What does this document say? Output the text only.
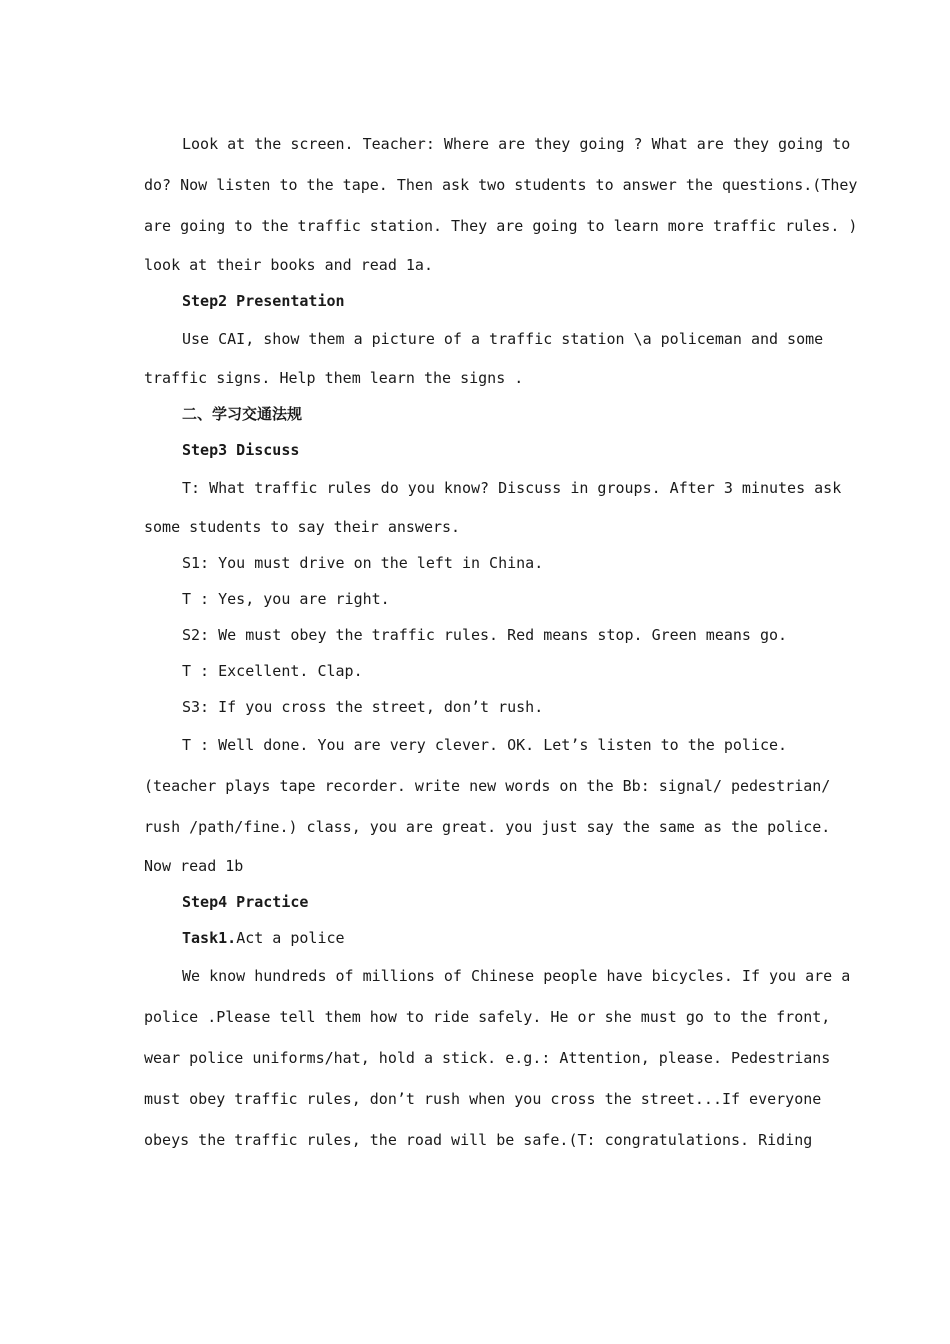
Look at the screen. Teacher: Where are they going ? What are they going to

do? Now listen to the tape. Then ask two students to answer the questions.(They

are going to the traffic station. They are going to learn more traffic rules. )

look at their books and read 1a.

Step2 Presentation

Use CAI, show them a picture of a traffic station \a policeman and some

traffic signs. Help them learn the signs .

二、学习交通法规

Step3 Discuss

T: What traffic rules do you know? Discuss in groups. After 3 minutes ask

some students to say their answers.

S1: You must drive on the left in China.

T : Yes, you are right.

S2: We must obey the traffic rules. Red means stop. Green means go.

T : Excellent. Clap.

S3: If you cross the street, don’t rush.

T : Well done. You are very clever. OK. Let’s listen to the police.

(teacher plays tape recorder. write new words on the Bb: signal/ pedestrian/

rush /path/fine.) class, you are great. you just say the same as the police.

Now read 1b

Step4 Practice

Task1.Act a police

We know hundreds of millions of Chinese people have bicycles. If you are a

police .Please tell them how to ride safely. He or she must go to the front,

wear police uniforms/hat, hold a stick. e.g.: Attention, please. Pedestrians

must obey traffic rules, don’t rush when you cross the street...If everyone

obeys the traffic rules, the road will be safe.(T: congratulations. Riding
